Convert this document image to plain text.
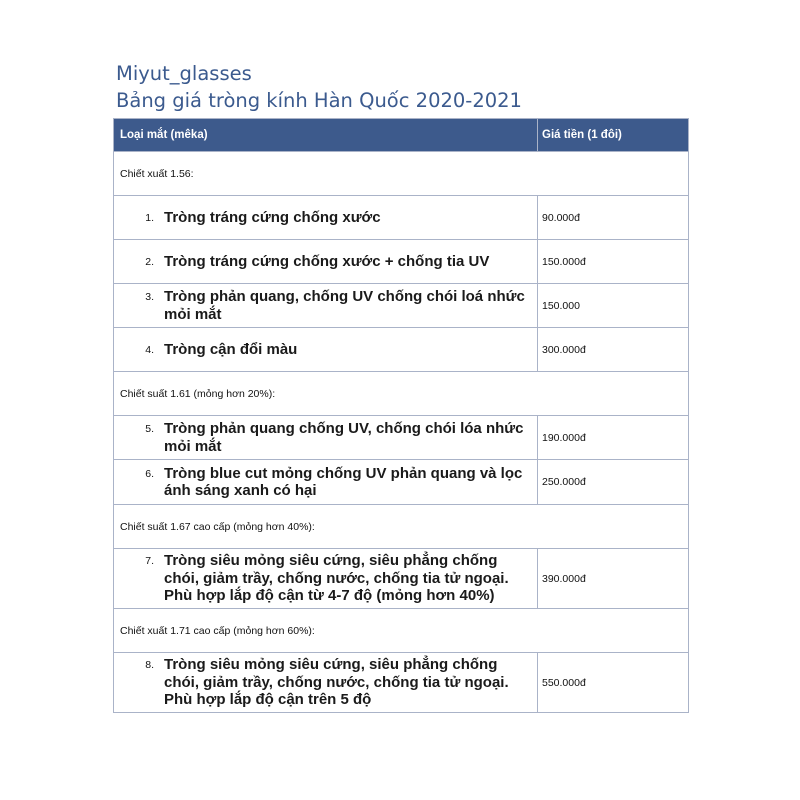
Miyut_glasses
Bảng giá tròng kính Hàn Quốc 2020-2021
Loại mắt (mêka)	Giá tiền (1 đôi)
Chiết xuất 1.56:	

1. Tròng tráng cứng chống xước	90.000đ

2. Tròng tráng cứng chống xước + chống tia UV	150.000đ

3. Tròng phản quang, chống UV chống chói loá nhức mỏi mắt	150.000

4. Tròng cận đổi màu	300.000đ
Chiết suất 1.61 (mỏng hơn 20%):	

5. Tròng phản quang chống UV, chống chói lóa nhức mỏi mắt	190.000đ

6. Tròng blue cut mỏng chống UV phản quang và lọc ánh sáng xanh có hại	250.000đ
Chiết suất 1.67 cao cấp (mỏng hơn 40%):	

7. Tròng siêu mỏng siêu cứng, siêu phẳng chống chói, giảm trầy, chống nước, chống tia tử ngoại. Phù hợp lắp độ cận từ 4-7 độ (mỏng hơn 40%)	390.000đ
Chiết xuất 1.71 cao cấp (mỏng hơn 60%):	

8. Tròng siêu mỏng siêu cứng, siêu phẳng chống chói, giảm trầy, chống nước, chống tia tử ngoại. Phù hợp lắp độ cận trên 5 độ	550.000đ
